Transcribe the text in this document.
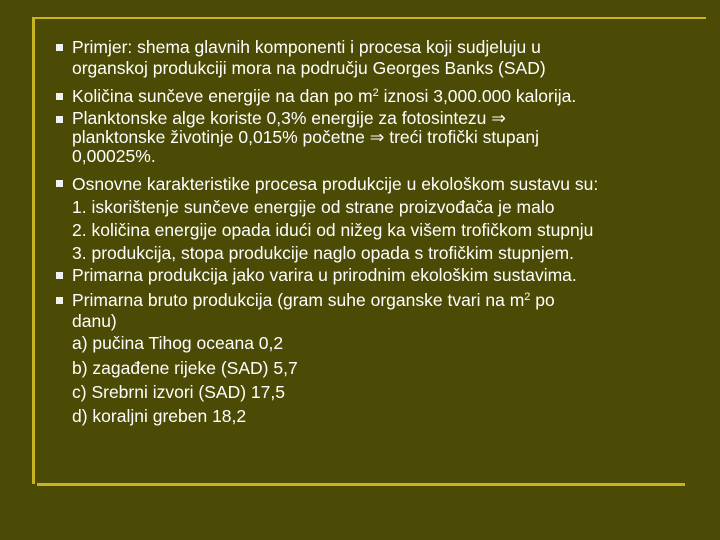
Primjer: shema glavnih komponenti i procesa koji sudjeluju u
organskoj produkciji mora na području Georges Banks (SAD)
Količina sunčeve energije na dan po $m^2$ iznosi 3,000.000 kalorija.
Planktonske alge koriste 0,3% energije za fotosintezu ⇒
planktonske životinje 0,015% početne ⇒ treći trofički stupanj
0,00025%.
Osnovne karakteristike procesa produkcije u ekološkom sustavu su:
1. iskorištenje sunčeve energije od strane proizvođača je malo
2. količina energije opada idući od nižeg ka višem trofičkom stupnju
3. produkcija, stopa produkcije naglo opada s trofičkim stupnjem.
Primarna produkcija jako varira u prirodnim ekološkim sustavima.
Primarna bruto produkcija (gram suhe organske tvari na $m^2$ po
danu)
a) pučina Tihog oceana 0,2
b) zagađene rijeke (SAD) 5,7
c) Srebrni izvori (SAD) 17,5
d) koraljni greben 18,2
